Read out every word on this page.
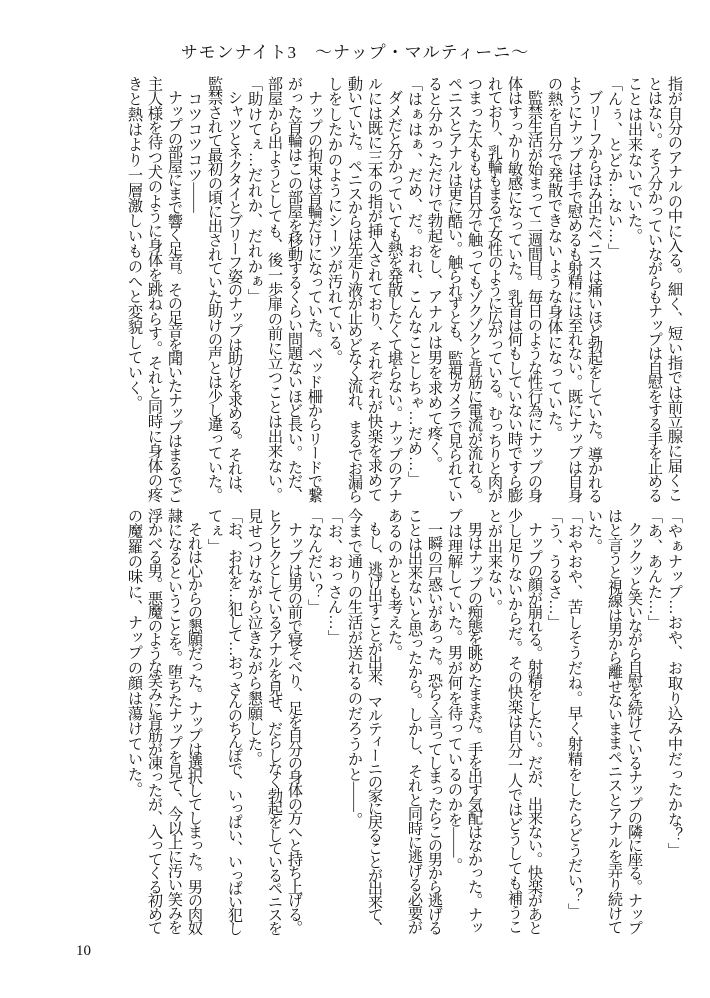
サモンナイト3　～ナップ・マルティーニ～
指が自分のアナルの中に入る。細く、短い指では前立腺に届くこ
とはない。そう分かっていながらもナップは自慰をする手を止める
ことは出来ないでいた。
「んぅ、とどか…ない…」
　ブリーフからはみ出たペニスは痛いほど勃起をしていた。導かれる
ようにナップは手で慰めるも射精には至れない。既にナップは自身
の熱を自分で発散できないような身体になっていた。
　監禁生活が始まって二週間目。毎日のような性行為にナップの身
体はすっかり敏感になっていた。乳首は何もしていない時ですら膨
れており、乳輪もまるで女性のように広がっている。むっちりと肉が
つまった太ももは自分で触ってもゾクゾクと背筋に電流が流れる。
ペニスとアナルは更に酷い。触られずとも、監視カメラで見られてい
ると分かっただけで勃起をし、アナルは男を求めて疼く。
「はぁはぁ、だめ、だ。おれ、こんなことしちゃ…だめ…」
　ダメだと分かっていても熱を発散したくて堪らない。ナップのアナ
ルには既に三本の指が挿入されており、それぞれが快楽を求めて
動いていた。ペニスからは先走り液が止めどなく流れ、まるでお漏ら
しをしたかのようにシーツが汚れている。
　ナップの拘束は首輪だけになっていた。ベッド柵からリードで繋
がった首輪はこの部屋を移動するくらい問題ないほど長い。ただ、
部屋から出ようとしても、後一歩扉の前に立つことは出来ない。
「助けてぇ…だれか、だれかぁ」
　シャツとネクタイとブリーフ姿のナップは助けを求める。それは、
監禁されて最初の頃に出されていた助けの声とは少し違っていた。
　コツコツコツ――
　ナップの部屋にまで響く足音。その足音を聞いたナップはまるでご
主人様を待つ犬のように身体を跳ねらす。それと同時に身体の疼
きと熱はより一層激しいものへと変貌していく。
「やぁナップ…おや、お取り込み中だったかな？」
「あ、あんた…」
　クックッと笑いながら自慰を続けているナップの隣に座る。ナップ
はと言うと視線は男から離せないままペニスとアナルを弄り続けて
いた。
「おやおや、苦しそうだね。早く射精をしたらどうだい？」
「う、うるさ…」
　ナップの顔が崩れる。射精をしたい。だが、出来ない。快楽があと
少し足りないからだ。その快楽は自分一人ではどうしても補うこ
とが出来ない。
　男はナップの痴態を眺めたままだ。手を出す気配はなかった。ナッ
プは理解していた。男が何を待っているのかを――。
　一瞬の戸惑いがあった。恐らく言ってしまったらこの男から逃げる
ことは出来ないと思ったから。しかし、それと同時に逃げる必要が
あるのかとも考えた。
　もし、逃げ出すことが出来、マルティーニの家に戻ることが出来て、
今まで通りの生活が送れるのだろうかと――。
「お、おっさん…」
「なんだい？」
　ナップは男の前で寝そべり、足を自分の身体の方へと持ち上げる。
ヒクヒクとしているアナルを見せ、だらしなく勃起をしているペニスを
見せつけながら泣きながら懇願した。
「お、おれを…犯して…おっさんのちんぽで、いっぱい、いっぱい犯し
てぇ」
　それは心からの懇願だった。ナップは選択してしまった。男の肉奴
隷になるということを。堕ちたナップを見て、今以上に汚い笑みを
浮かべる男。悪魔のような笑みに背筋が凍ったが、入ってくる初めて
の魔羅の味に、ナップの顔は蕩けていた。
10
